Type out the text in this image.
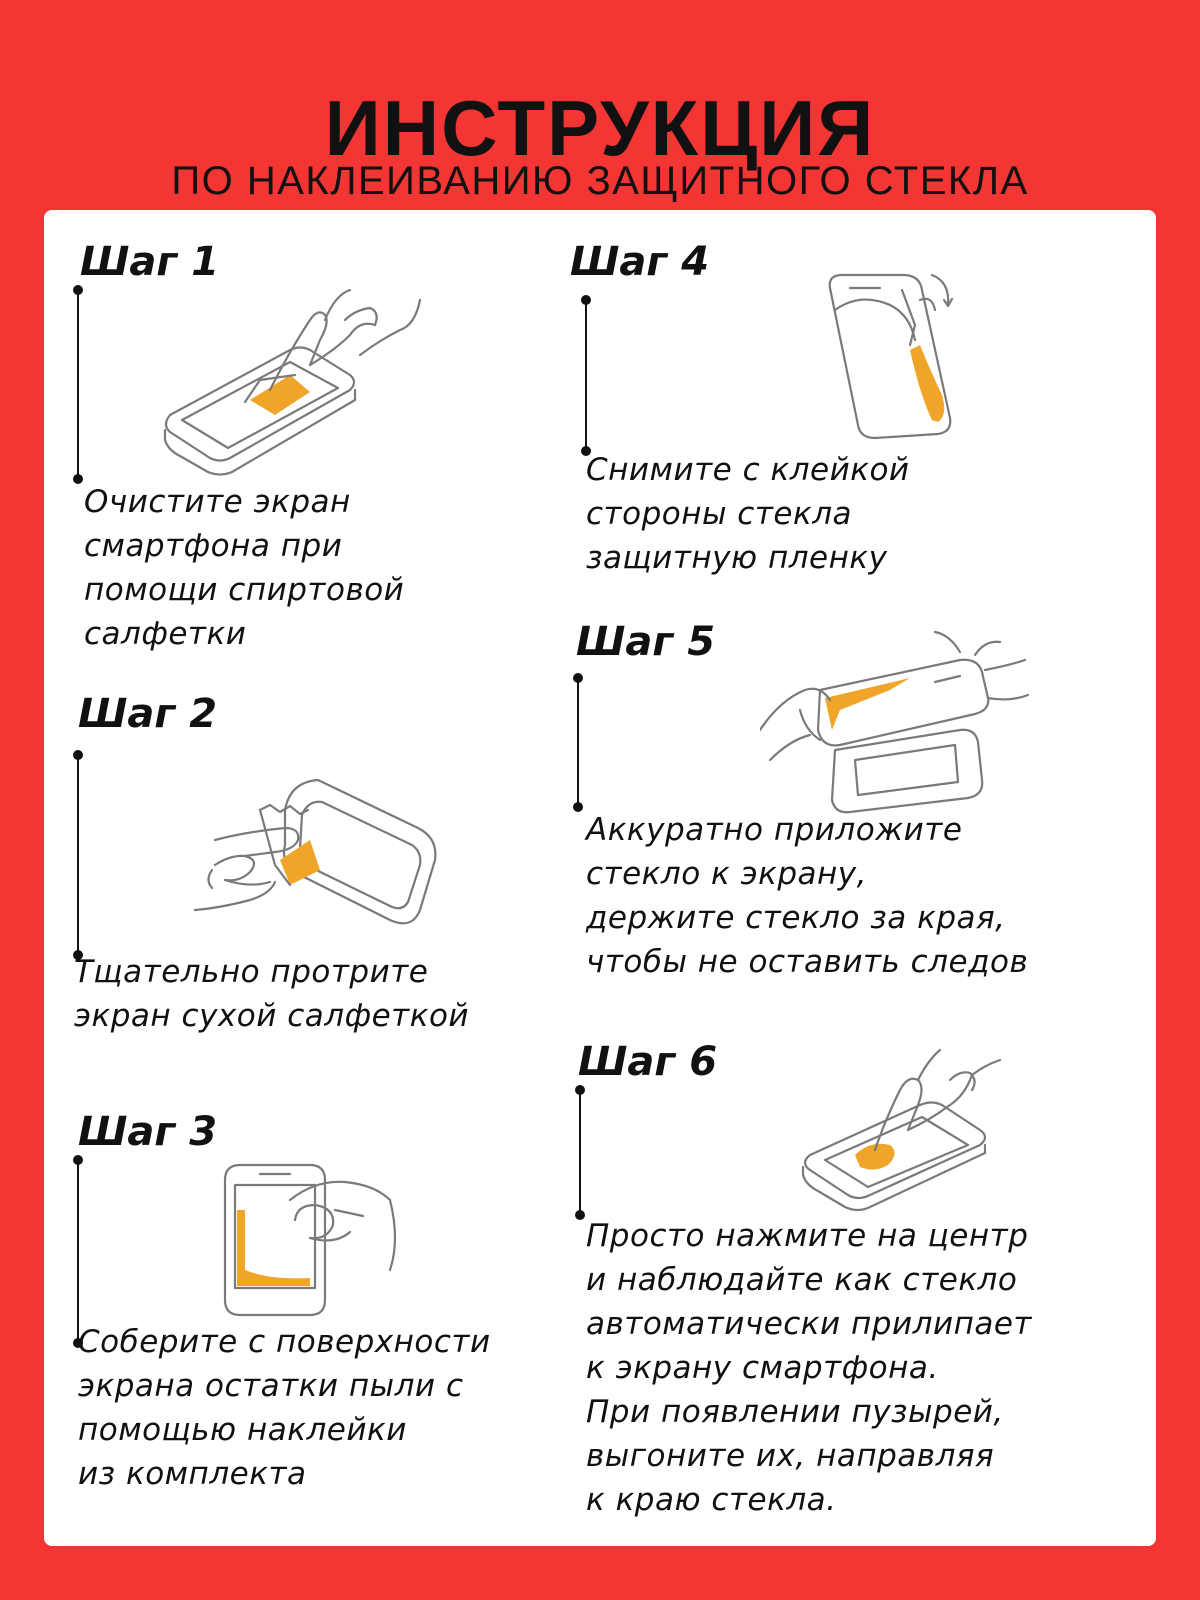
ИНСТРУКЦИЯ
ПО НАКЛЕИВАНИЮ ЗАЩИТНОГО СТЕКЛА
Шаг 1
Очистите экран
смартфона при
помощи спиртовой
салфетки
Шаг 2
Тщательно протрите
экран сухой салфеткой
Шаг 3
Соберите с поверхности
экрана остатки пыли с
помощью наклейки
из комплекта
Шаг 4
Снимите с клейкой
стороны стекла
защитную пленку
Шаг 5
Аккуратно приложите
стекло к экрану,
держите стекло за края,
чтобы не оставить следов
Шаг 6
Просто нажмите на центр
и наблюдайте как стекло
автоматически прилипает
к экрану смартфона.
При появлении пузырей,
выгоните их, направляя
к краю стекла.
